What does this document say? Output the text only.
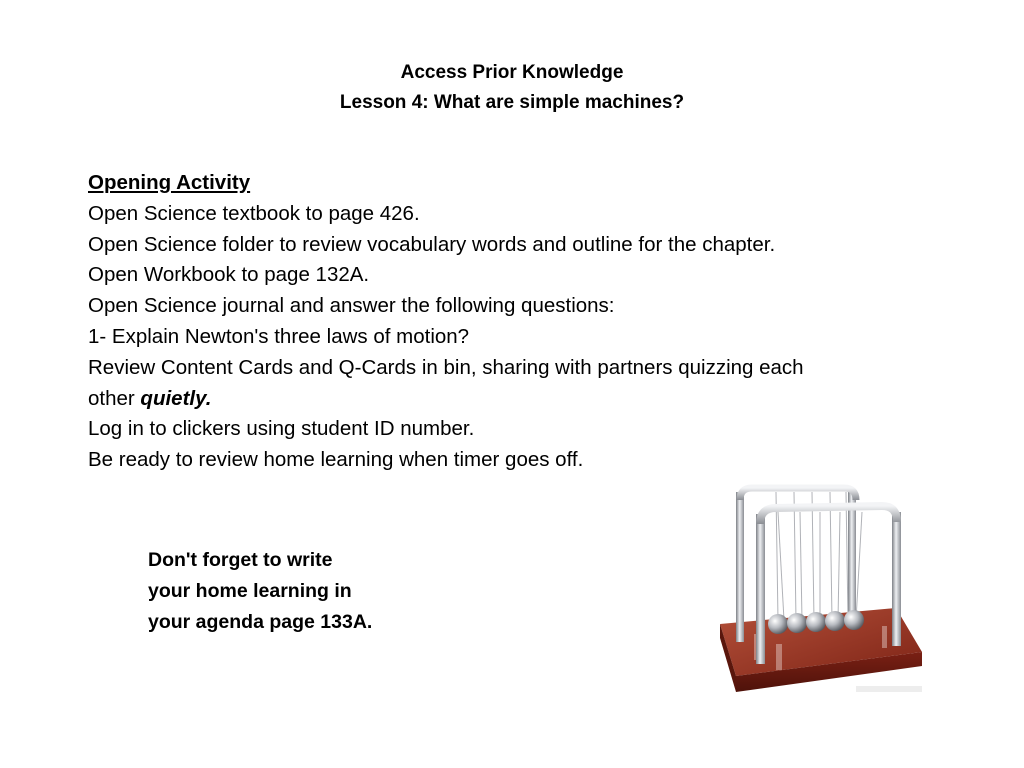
Access Prior Knowledge
Lesson 4: What are simple machines?
Opening Activity
Open Science textbook to page 426.
Open Science folder to review vocabulary words and outline for the chapter.
Open Workbook to page 132A.
Open Science journal and answer the following questions:
1- Explain Newton's three laws of motion?
Review Content Cards and Q-Cards in bin, sharing with partners quizzing each
other quietly.
Log in to clickers using student ID number.
Be ready to review home learning when timer goes off.
Don't forget to write
your home learning in
your agenda page 133A.
